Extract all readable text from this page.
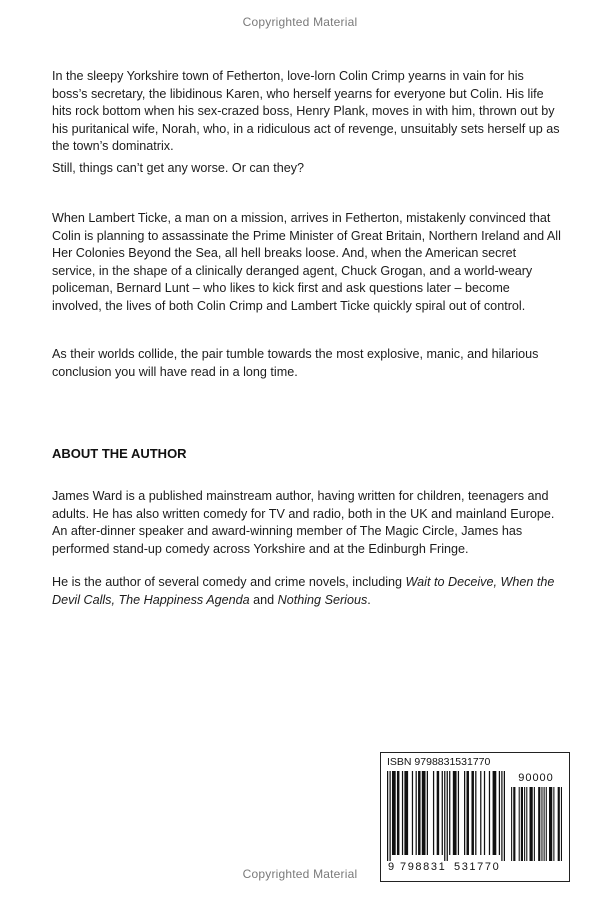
Copyrighted Material

In the sleepy Yorkshire town of Fetherton, love-lorn Colin Crimp yearns in vain for his boss’s secretary, the libidinous Karen, who herself yearns for everyone but Colin. His life hits rock bottom when his sex-crazed boss, Henry Plank, moves in with him, thrown out by his puritanical wife, Norah, who, in a ridiculous act of revenge, unsuitably sets herself up as the town’s dominatrix.

Still, things can’t get any worse. Or can they?

When Lambert Ticke, a man on a mission, arrives in Fetherton, mistakenly convinced that Colin is planning to assassinate the Prime Minister of Great Britain, Northern Ireland and All Her Colonies Beyond the Sea, all hell breaks loose. And, when the American secret service, in the shape of a clinically deranged agent, Chuck Grogan, and a world-weary policeman, Bernard Lunt – who likes to kick first and ask questions later – become involved, the lives of both Colin Crimp and Lambert Ticke quickly spiral out of control.

As their worlds collide, the pair tumble towards the most explosive, manic, and hilarious conclusion you will have read in a long time.

ABOUT THE AUTHOR

James Ward is a published mainstream author, having written for children, teenagers and adults. He has also written comedy for TV and radio, both in the UK and mainland Europe. An after-dinner speaker and award-winning member of The Magic Circle, James has performed stand-up comedy across Yorkshire and at the Edinburgh Fringe.

He is the author of several comedy and crime novels, including Wait to Deceive, When the Devil Calls, The Happiness Agenda and Nothing Serious.

ISBN 9798831531770
90000
9 798831 531770
Copyrighted Material
